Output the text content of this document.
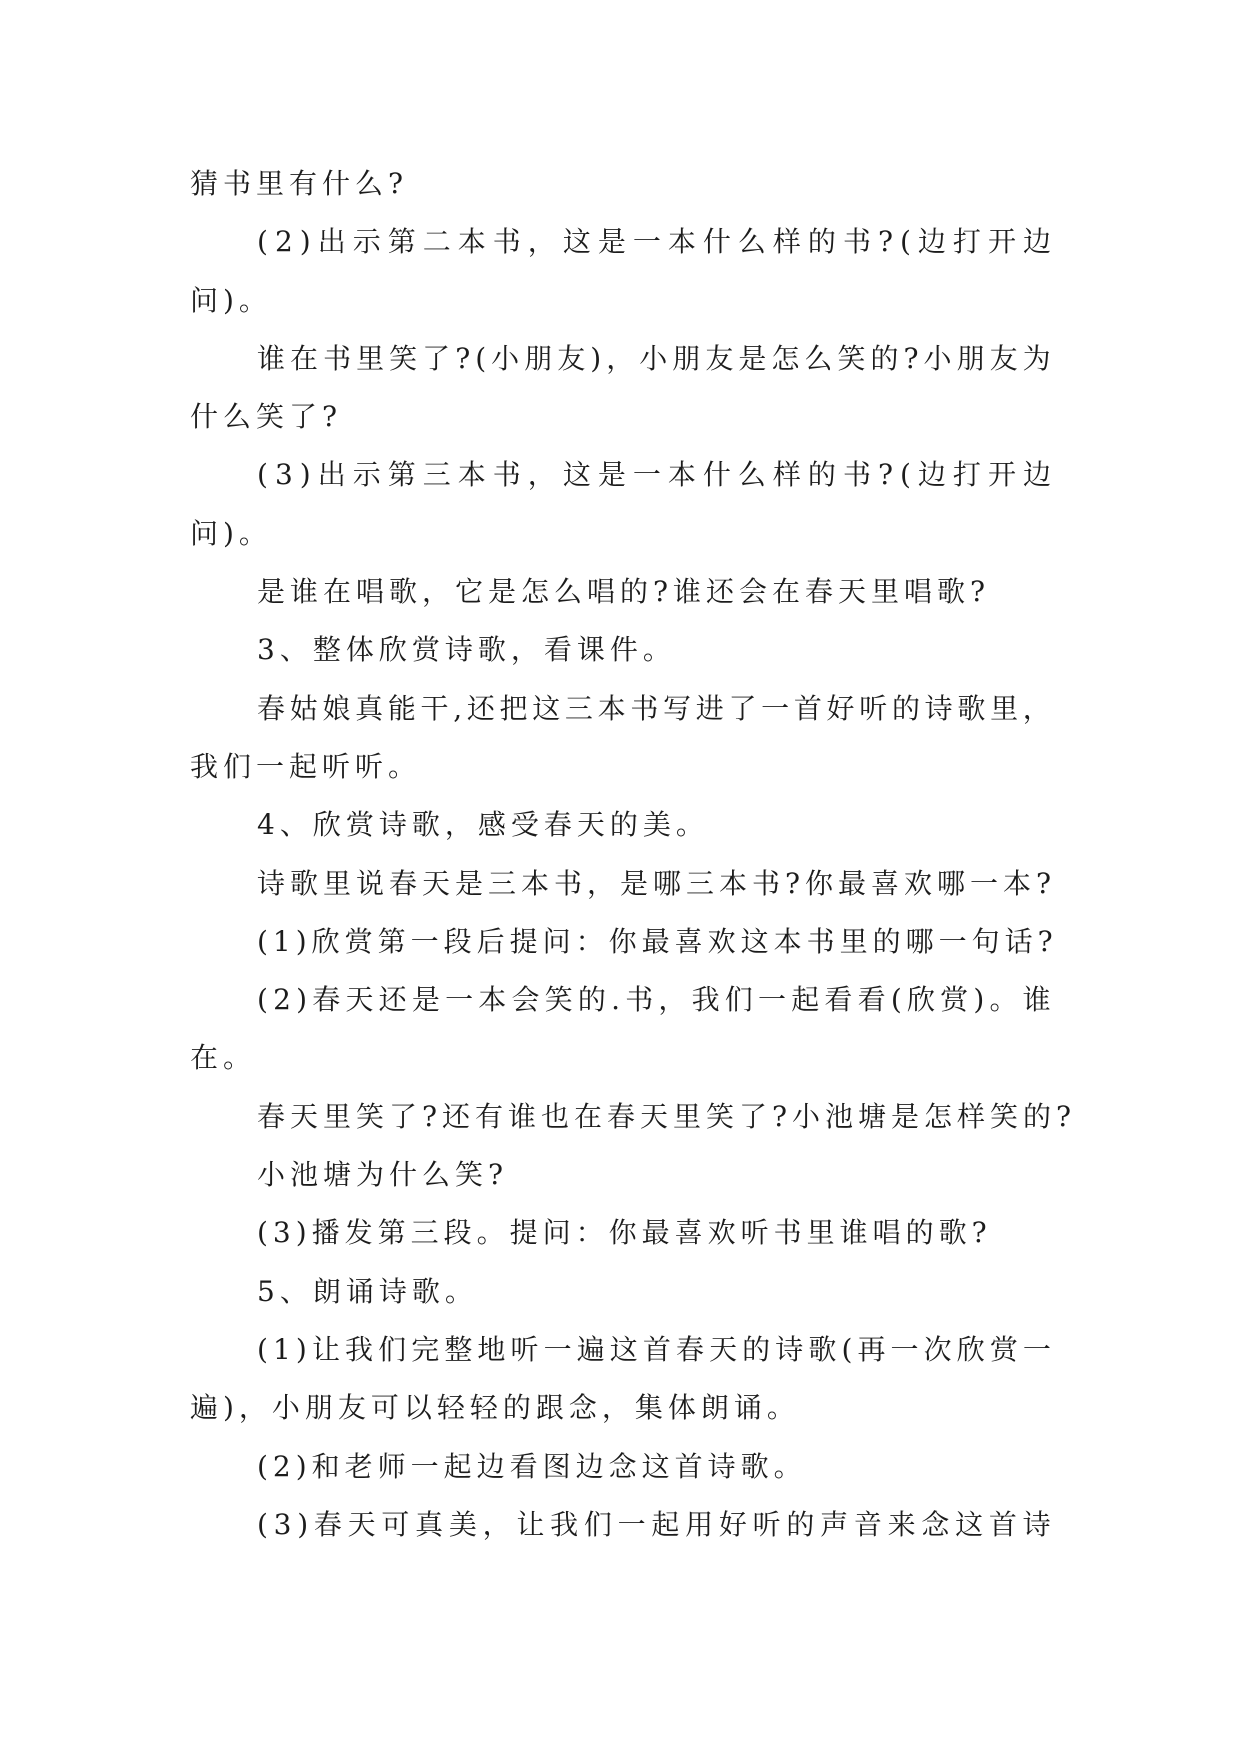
猜书里有什么?
( 2 ) 出 示 第 二 本 书 ， 这 是 一 本 什 么 样 的 书 ? ( 边 打 开 边
问)。
谁 在 书 里 笑 了 ? ( 小 朋 友 ) ， 小 朋 友 是 怎 么 笑 的 ? 小 朋 友 为
什么笑了?
( 3 ) 出 示 第 三 本 书 ， 这 是 一 本 什 么 样 的 书 ? ( 边 打 开 边
问)。
是谁在唱歌，它是怎么唱的?谁还会在春天里唱歌?
3、整体欣赏诗歌，看课件。
春 姑 娘 真 能 干 , 还 把 这 三 本 书 写 进 了 一 首 好 听 的 诗 歌 里 ，
我们一起听听。
4、欣赏诗歌，感受春天的美。
诗歌里说春天是三本书，是哪三本书?你最喜欢哪一本?
(1)欣赏第一段后提问：你最喜欢这本书里的哪一句话?
( 2 ) 春 天 还 是 一 本 会 笑 的 . 书 ， 我 们 一 起 看 看 ( 欣 赏 ) 。 谁
在。
春天里笑了?还有谁也在春天里笑了?小池塘是怎样笑的?
小池塘为什么笑?
(3)播发第三段。提问：你最喜欢听书里谁唱的歌?
5、朗诵诗歌。
( 1 ) 让 我 们 完 整 地 听 一 遍 这 首 春 天 的 诗 歌 ( 再 一 次 欣 赏 一
遍)，小朋友可以轻轻的跟念，集体朗诵。
(2)和老师一起边看图边念这首诗歌。
( 3 ) 春 天 可 真 美 ， 让 我 们 一 起 用 好 听 的 声 音 来 念 这 首 诗
